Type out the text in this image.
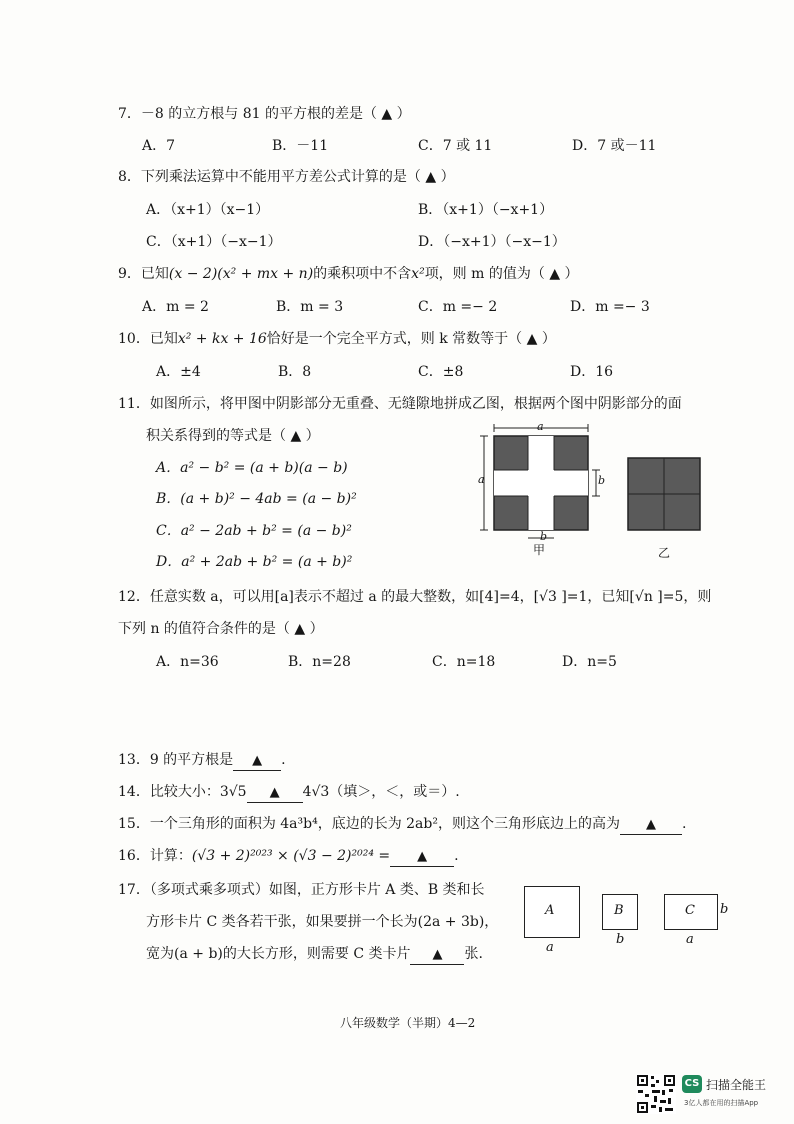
7．－8 的立方根与 81 的平方根的差是（ ▲ ）
A．7	B．－11	C．7 或 11	D．7 或－11
8．下列乘法运算中不能用平方差公式计算的是（ ▲ ）
A．（x+1）（x−1）	B．（x+1）（−x+1）
C．（x+1）（−x−1）	D．（−x+1）（−x−1）
9．已知(x − 2)(x² + mx + n)的乘积项中不含x²项，则 m 的值为（ ▲ ）
A．m = 2	B．m = 3	C．m =− 2	D．m =− 3
10．已知x² + kx + 16恰好是一个完全平方式，则 k 常数等于（ ▲ ）
A．±4	B．8	C．±8	D．16
11．如图所示，将甲图中阴影部分无重叠、无缝隙地拼成乙图，根据两个图中阴影部分的面
积关系得到的等式是（ ▲ ）
A．a² − b² = (a + b)(a − b)
B．(a + b)² − 4ab = (a − b)²
C．a² − 2ab + b² = (a − b)²
D．a² + 2ab + b² = (a + b)²
a
a	b
b
甲	乙
12．任意实数 a，可以用[a]表示不超过 a 的最大整数，如[4]=4，[√3 ]=1，已知[√n ]=5，则
下列 n 的值符合条件的是（ ▲ ）
A．n=36	B．n=28	C．n=18	D．n=5
13．9 的平方根是 ▲ .
14．比较大小：3√5 ▲ 4√3（填＞，＜，或＝）.
15．一个三角形的面积为 4a³b⁴，底边的长为 2ab²，则这个三角形底边上的高为 ▲ .
16．计算：(√3 + 2)²⁰²³ × (√3 − 2)²⁰²⁴ = ▲ .
17．（多项式乘多项式）如图，正方形卡片 A 类、B 类和长
方形卡片 C 类各若干张，如果要拼一个长为(2a + 3b)，
宽为(a + b)的大长方形，则需要 C 类卡片 ▲ 张.
A
a
B
b
C
a
b
八年级数学（半期）4—2
CS 扫描全能王
3亿人都在用的扫描App
